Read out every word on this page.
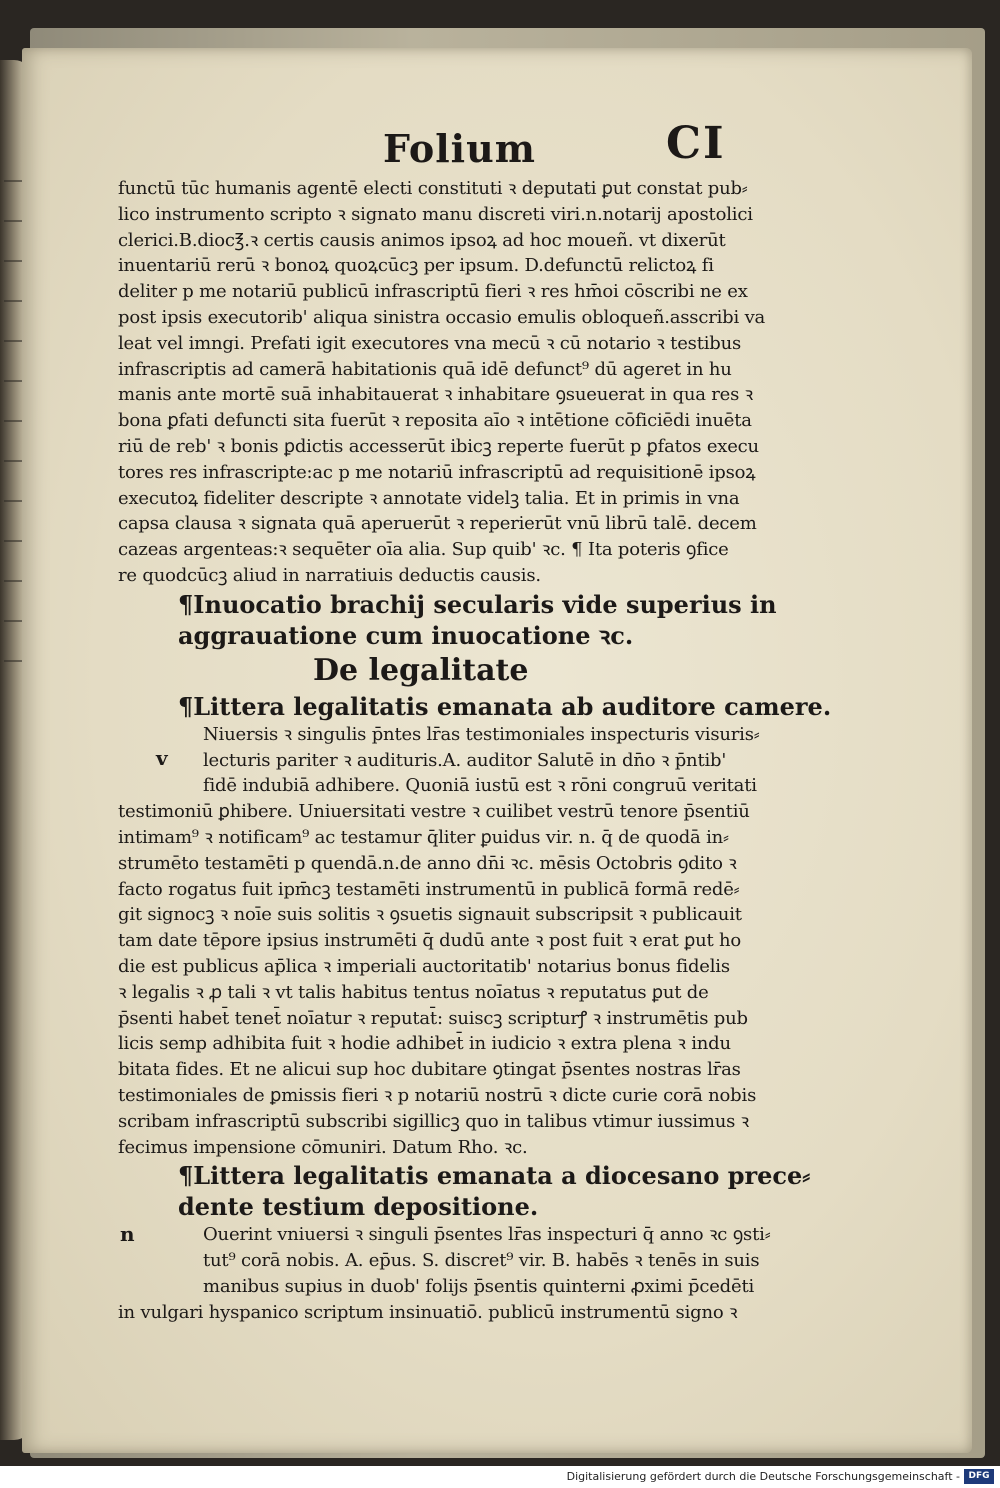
Folium	CI
functū tūc humanis agentē electi constituti ꝛ deputati ꝑut constat pub⸗
lico instrumento scripto ꝛ signato manu discreti viri.n.notarij apostolici
clerici.B.dioc℥.ꝛ certis causis animos ipsoꝝ ad hoc moueñ. vt dixerūt
inuentariū rerū ꝛ bonoꝝ quoꝝcūcꝫ per ipsum. D.defunctū relictoꝝ fi
deliter p me notariū publicū infrascriptū fieri ꝛ res hm̄oi cōscribi ne ex
post ipsis executorib' aliqua sinistra occasio emulis obloqueñ.asscribi va
leat vel imngi. Prefati igit executores vna mecū ꝛ cū notario ꝛ testibus
infrascriptis ad camerā habitationis quā idē defunct⁹ dū ageret in hu
manis ante mortē suā inhabitauerat ꝛ inhabitare ꝯsueuerat in qua res ꝛ
bona ꝑfati defuncti sita fuerūt ꝛ reposita aīo ꝛ intētione cōficiēdi inuēta
riū de reb' ꝛ bonis ꝑdictis accesserūt ibicꝫ reperte fuerūt p ꝑfatos execu
tores res infrascripte:ac p me notariū infrascriptū ad requisitionē ipsoꝝ
executoꝝ fideliter descripte ꝛ annotate videlꝫ talia. Et in primis in vna
capsa clausa ꝛ signata quā aperuerūt ꝛ reperierūt vnū librū talē. decem
cazeas argenteas:ꝛ sequēter oīa alia. Sup quib' ꝛc. ¶ Ita poteris ꝯfice
re quodcūcꝫ aliud in narratiuis deductis causis.
¶Inuocatio brachij secularis vide superius in
aggrauatione cum inuocatione ꝛc.
De legalitate
¶Littera legalitatis emanata ab auditore camere.
v
Niuersis ꝛ singulis p̄ntes lr̄as testimoniales inspecturis visuris⸗
lecturis pariter ꝛ audituris.A. auditor Salutē in dn̄o ꝛ p̄ntib'
fidē indubiā adhibere. Quoniā iustū est ꝛ rōni congruū veritati
testimoniū ꝑhibere. Uniuersitati vestre ꝛ cuilibet vestrū tenore p̄sentiū
intimam⁹ ꝛ notificam⁹ ac testamur q̄liter ꝑuidus vir. n. q̄ de quodā in⸗
strumēto testamēti p quendā.n.de anno dn̄i ꝛc. mēsis Octobris ꝯdito ꝛ
facto rogatus fuit ipm̄cꝫ testamēti instrumentū in publicā formā redē⸗
git signocꝫ ꝛ noīe suis solitis ꝛ ꝯsuetis signauit subscripsit ꝛ publicauit
tam date tēpore ipsius instrumēti q̄ dudū ante ꝛ post fuit ꝛ erat ꝑut ho
die est publicus ap̄lica ꝛ imperiali auctoritatib' notarius bonus fidelis
ꝛ legalis ꝛ ꝓ tali ꝛ vt talis habitus tentus noīatus ꝛ reputatus ꝑut de
p̄senti habet̄ tenet̄ noīatur ꝛ reputat̄: suiscꝫ scripturꝭ ꝛ instrumētis pub
licis semp adhibita fuit ꝛ hodie adhibet̄ in iudicio ꝛ extra plena ꝛ indu
bitata fides. Et ne alicui sup hoc dubitare ꝯtingat p̄sentes nostras lr̄as
testimoniales de ꝑmissis fieri ꝛ p notariū nostrū ꝛ dicte curie corā nobis
scribam infrascriptū subscribi sigillicꝫ quo in talibus vtimur iussimus ꝛ
fecimus impensione cōmuniri. Datum Rho. ꝛc.
¶Littera legalitatis emanata a diocesano prece⸗
dente testium depositione.
n	Ouerint vniuersi ꝛ singuli p̄sentes lr̄as inspecturi q̄ anno ꝛc ꝯsti⸗
tut⁹ corā nobis. A. ep̄us. S. discret⁹ vir. B. habēs ꝛ tenēs in suis
manibus supius in duob' folijs p̄sentis quinterni ꝓximi p̄cedēti
in vulgari hyspanico scriptum insinuatiō. publicū instrumentū signo ꝛ
Digitalisierung gefördert durch die Deutsche Forschungsgemeinschaft - DFG
